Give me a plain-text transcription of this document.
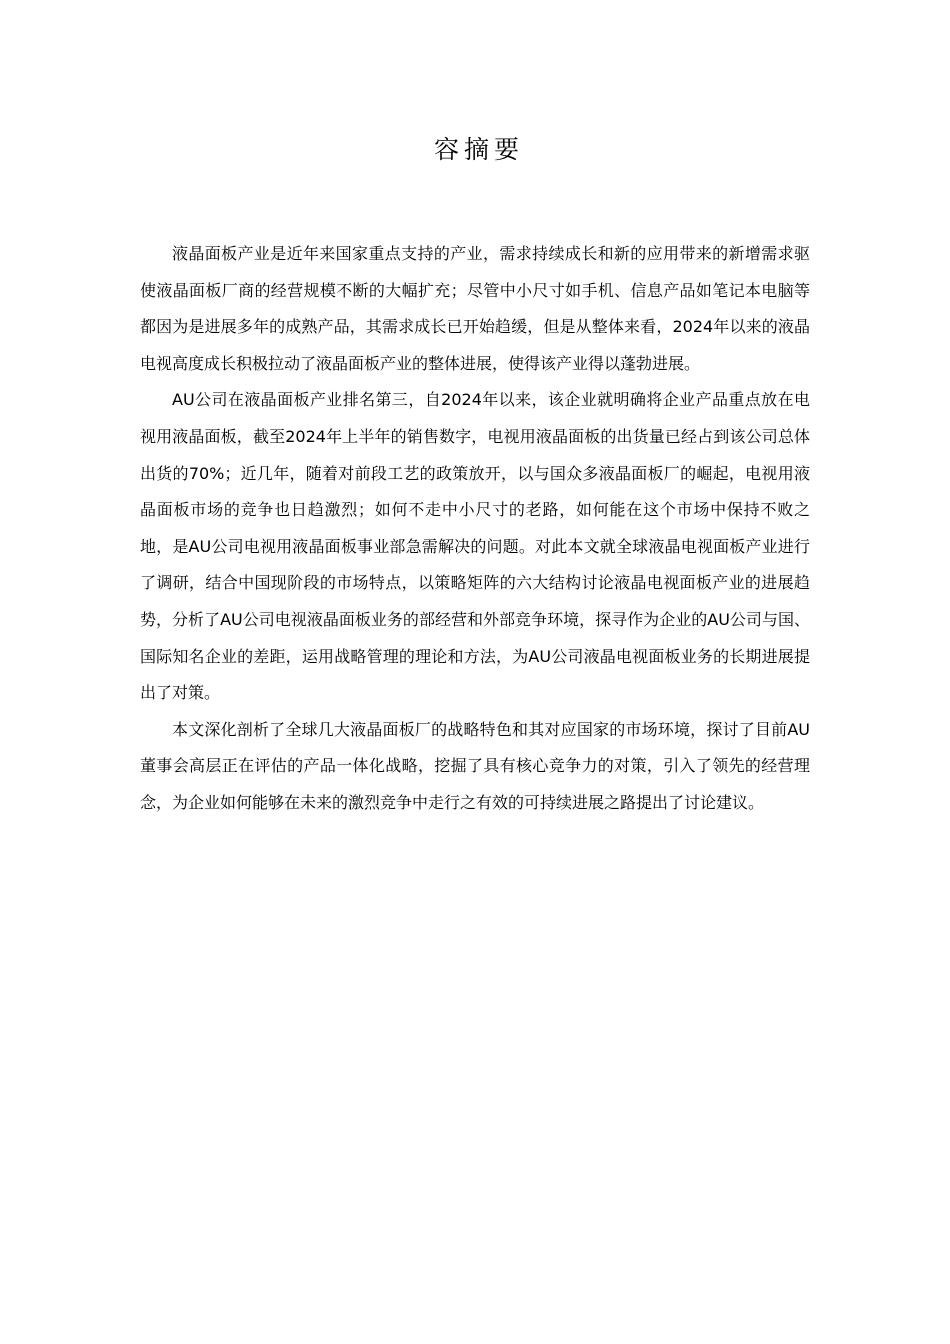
容摘要

液晶面板产业是近年来国家重点支持的产业，需求持续成长和新的应用带来的新增需求驱使液晶面板厂商的经营规模不断的大幅扩充；尽管中小尺寸如手机、信息产品如笔记本电脑等都因为是进展多年的成熟产品，其需求成长已开始趋缓，但是从整体来看，2024年以来的液晶电视高度成长积极拉动了液晶面板产业的整体进展，使得该产业得以蓬勃进展。

AU公司在液晶面板产业排名第三，自2024年以来，该企业就明确将企业产品重点放在电视用液晶面板，截至2024年上半年的销售数字，电视用液晶面板的出货量已经占到该公司总体出货的70%；近几年，随着对前段工艺的政策放开，以与国众多液晶面板厂的崛起，电视用液晶面板市场的竞争也日趋激烈；如何不走中小尺寸的老路，如何能在这个市场中保持不败之地，是AU公司电视用液晶面板事业部急需解决的问题。对此本文就全球液晶电视面板产业进行了调研，结合中国现阶段的市场特点，以策略矩阵的六大结构讨论液晶电视面板产业的进展趋势，分析了AU公司电视液晶面板业务的部经营和外部竞争环境，探寻作为企业的AU公司与国、国际知名企业的差距，运用战略管理的理论和方法，为AU公司液晶电视面板业务的长期进展提出了对策。

本文深化剖析了全球几大液晶面板厂的战略特色和其对应国家的市场环境，探讨了目前AU董事会高层正在评估的产品一体化战略，挖掘了具有核心竞争力的对策，引入了领先的经营理念，为企业如何能够在未来的激烈竞争中走行之有效的可持续进展之路提出了讨论建议。
